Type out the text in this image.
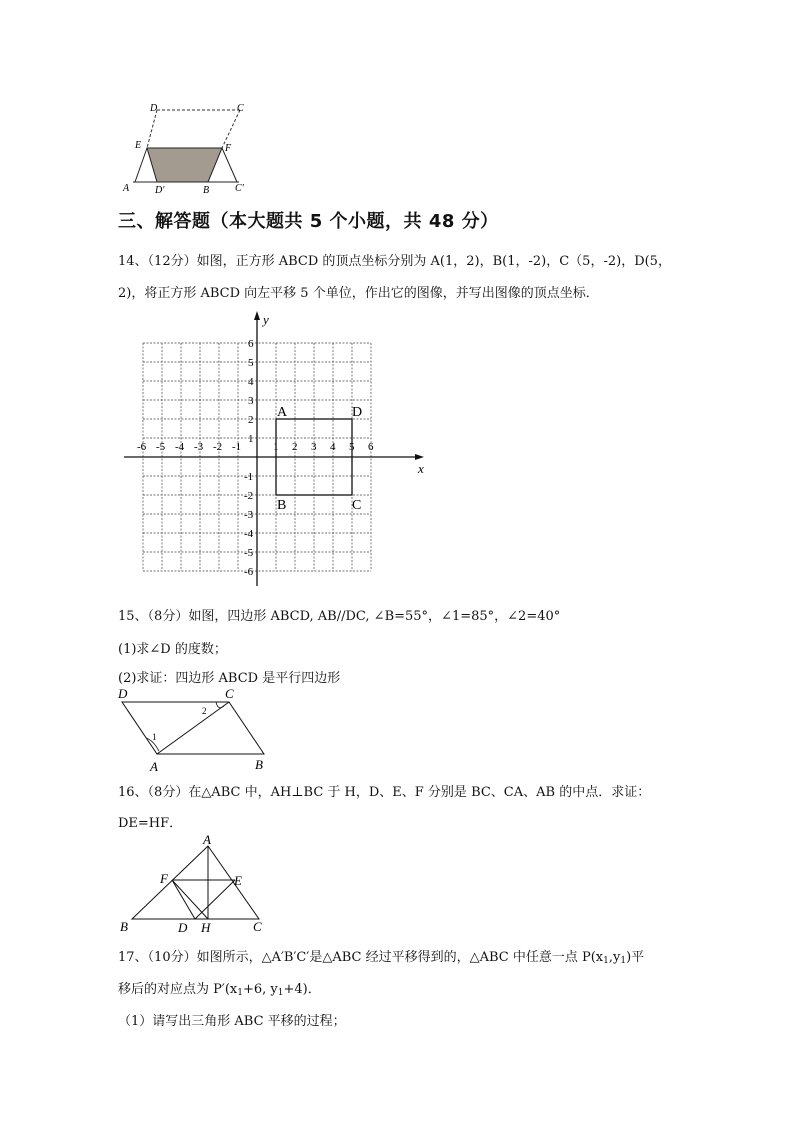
D	C
E	F
A	D'	B	C'
三、解答题（本大题共 5 个小题，共 48 分）
14、（12分）如图，正方形 ABCD 的顶点坐标分别为 A(1，2)，B(1，-2)，C（5，-2)，D(5，
2)，将正方形 ABCD 向左平移 5 个单位，作出它的图像，并写出图像的顶点坐标．
-6 -5 -4 -3 -2 -1	1 2 3 4 5 6
6
5
4
3
2
1
-1
-2
-3
-4
-5
-6
x
y
A	D
B	C
15、（8分）如图，四边形 ABCD, AB//DC, ∠B=55°，∠1=85°，∠2=40°
(1)求∠D 的度数；
(2)求证：四边形 ABCD 是平行四边形
D	C
A	B
1
2
16、（8分）在△ABC 中，AH⊥BC 于 H，D、E、F 分别是 BC、CA、AB 的中点．求证：
DE=HF．
A
F	E
B	D H	C
17、（10分）如图所示，△A′B′C′是△ABC 经过平移得到的，△ABC 中任意一点 $P(x_1,y_1)$平
移后的对应点为 $P'(x_1+6$, $y_1+4$)．
（1）请写出三角形 ABC 平移的过程；
